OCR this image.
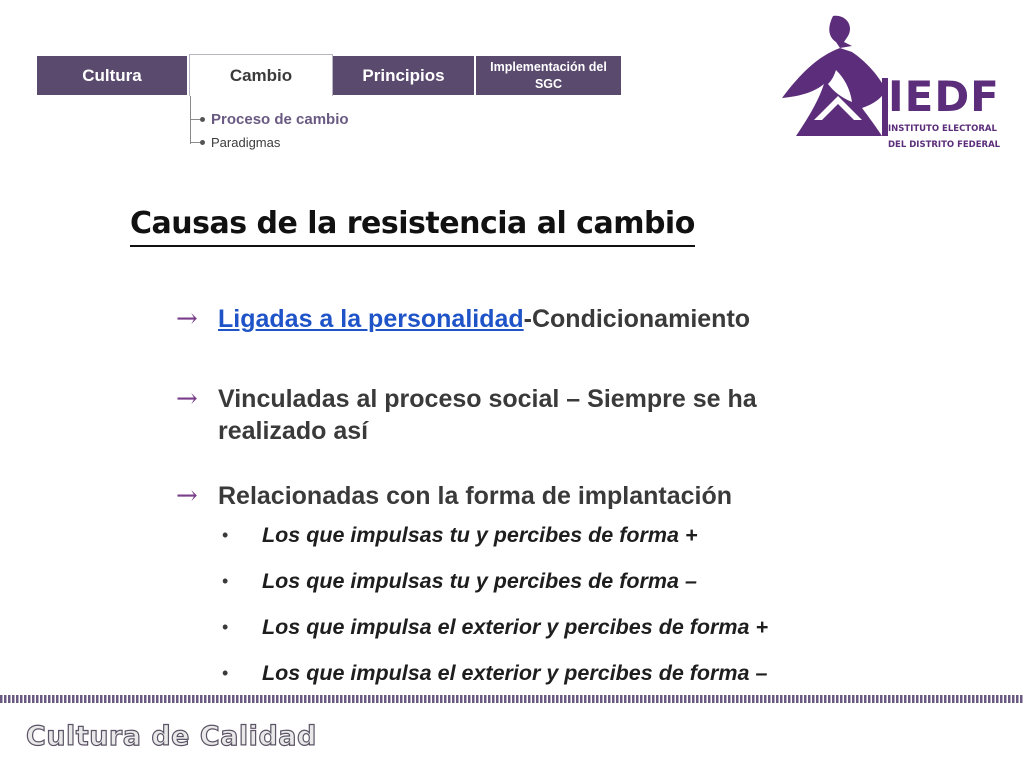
Cultura	Cambio	Principios	Implementación del SGC
Proceso de cambio
Paradigmas
IEDF
INSTITUTO ELECTORAL
DEL DISTRITO FEDERAL
Causas de la resistencia al cambio
→ Ligadas a la personalidad-Condicionamiento
→ Vinculadas al proceso social – Siempre se ha realizado así
→ Relacionadas con la forma de implantación
•	Los que impulsas tu y percibes de forma +
•	Los que impulsas tu y percibes de forma –
•	Los que impulsa el exterior y percibes de forma +
•	Los que impulsa el exterior y percibes de forma –
Cultura de Calidad
